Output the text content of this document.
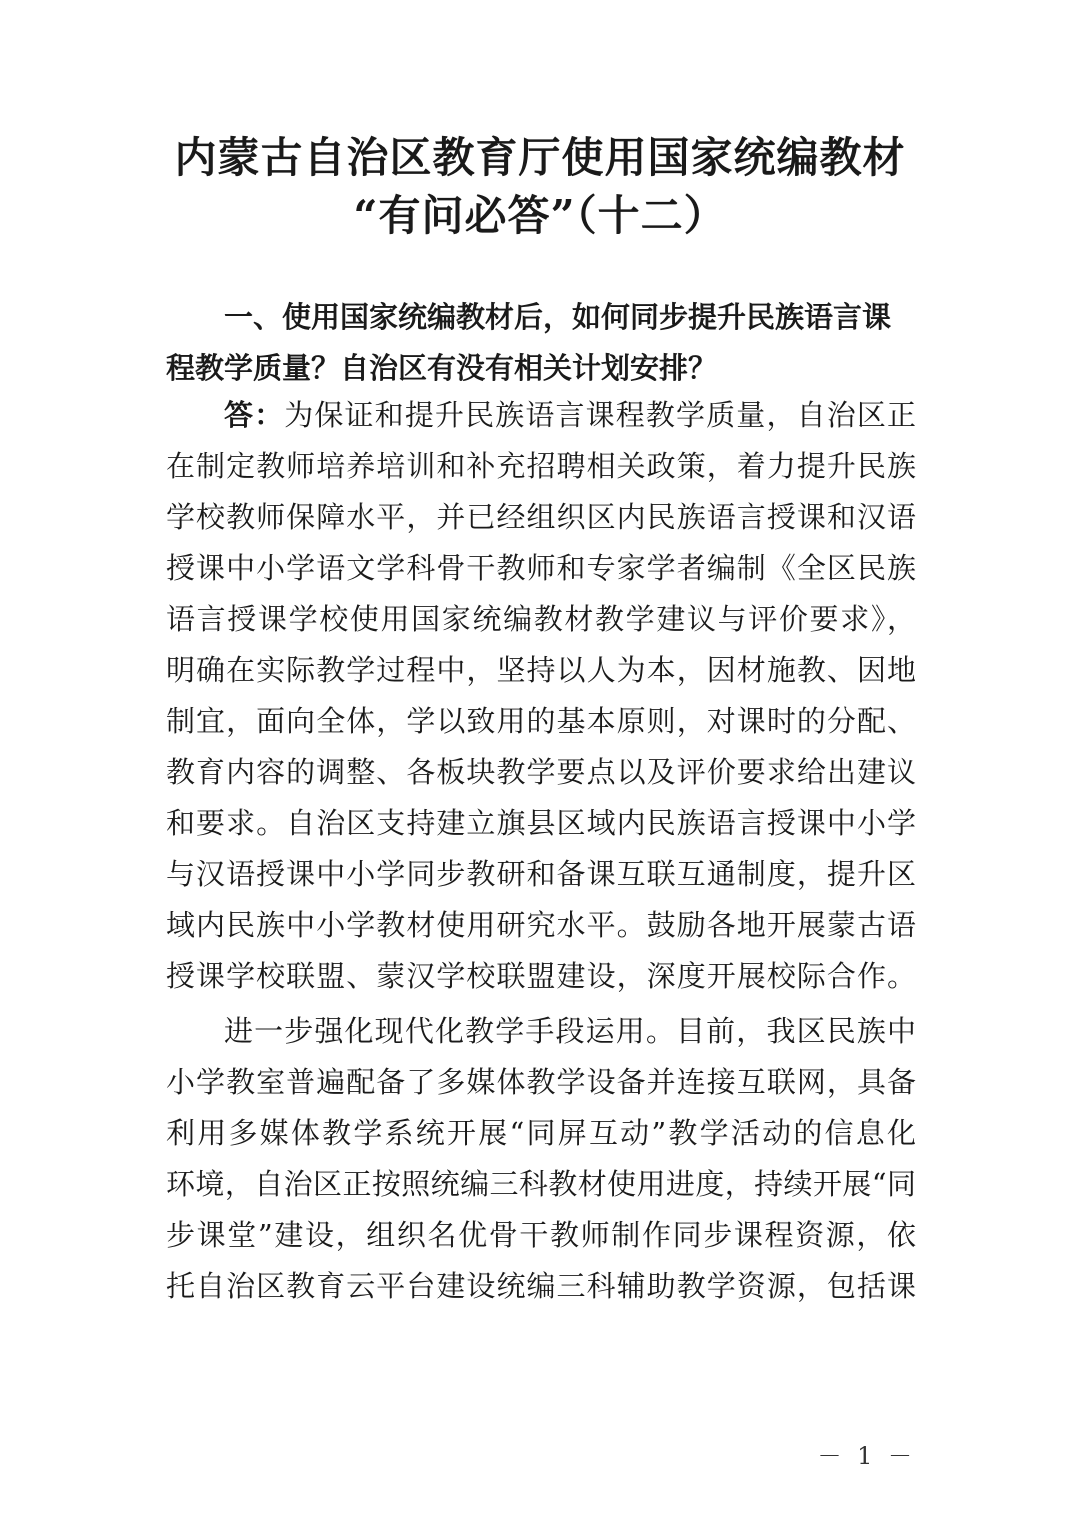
内蒙古自治区教育厅使用国家统编教材
“有问必答”（十二）
一、使用国家统编教材后，如何同步提升民族语言课
程教学质量？自治区有没有相关计划安排？
答：为保证和提升民族语言课程教学质量，自治区正
在制定教师培养培训和补充招聘相关政策，着力提升民族
学校教师保障水平，并已经组织区内民族语言授课和汉语
授课中小学语文学科骨干教师和专家学者编制《全区民族
语言授课学校使用国家统编教材教学建议与评价要求》，
明确在实际教学过程中，坚持以人为本，因材施教、因地
制宜，面向全体，学以致用的基本原则，对课时的分配、
教育内容的调整、各板块教学要点以及评价要求给出建议
和要求。自治区支持建立旗县区域内民族语言授课中小学
与汉语授课中小学同步教研和备课互联互通制度，提升区
域内民族中小学教材使用研究水平。鼓励各地开展蒙古语
授课学校联盟、蒙汉学校联盟建设，深度开展校际合作。
进一步强化现代化教学手段运用。目前，我区民族中
小学教室普遍配备了多媒体教学设备并连接互联网，具备
利用多媒体教学系统开展“同屏互动”教学活动的信息化
环境，自治区正按照统编三科教材使用进度，持续开展“同
步课堂”建设，组织名优骨干教师制作同步课程资源，依
托自治区教育云平台建设统编三科辅助教学资源，包括课
－ 1 －
